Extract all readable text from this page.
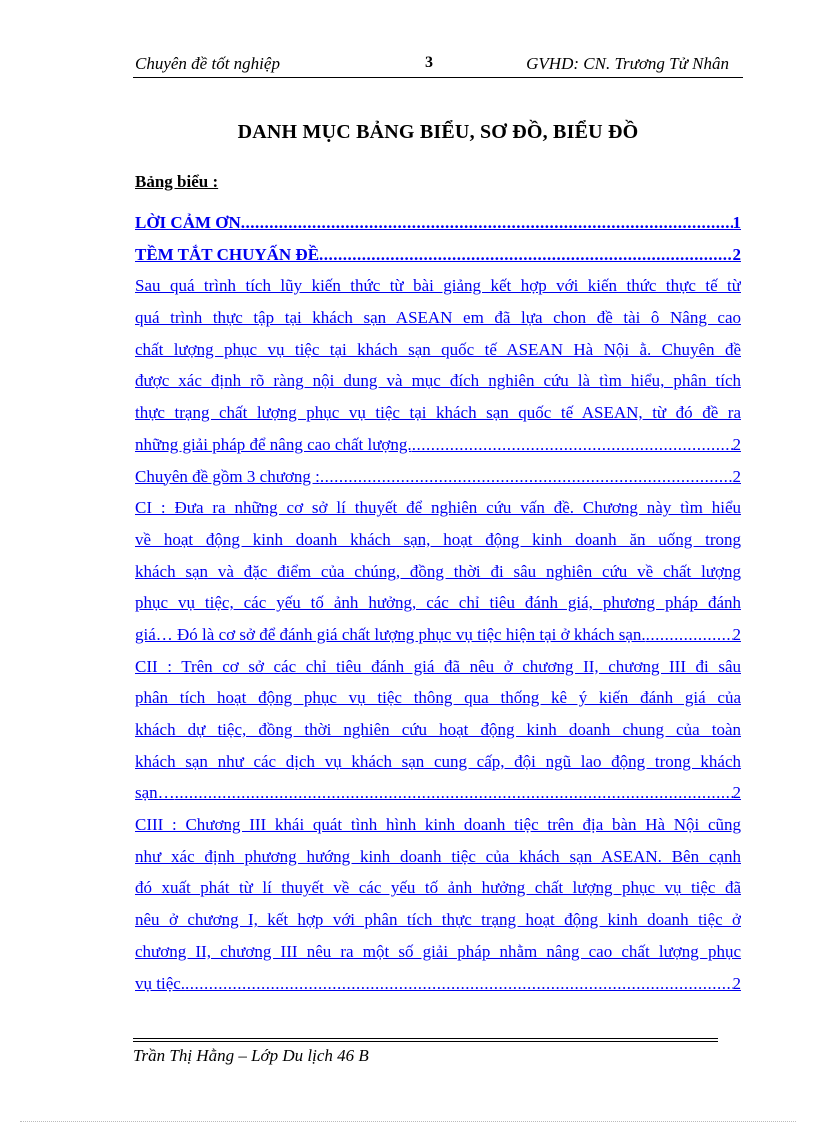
Chuyên đề tốt nghiệp	3	GVHD: CN. Trương Tử Nhân
DANH MỤC BẢNG BIỂU, SƠ ĐỒ, BIỂU ĐỒ
Bảng biểu :
LỜI CẢM ƠN .....	1
TỀM TẮT CHUYẤN ĐỀ .....	2
Sau quá trình tích lũy kiến thức từ bài giảng kết hợp với kiến thức thực tế từ
quá trình thực tập tại khách sạn ASEAN em đã lựa chon đề tài ô Nâng cao
chất lượng phục vụ tiệc tại khách sạn quốc tế ASEAN Hà Nội ằ. Chuyên đề
được xác định rõ ràng nội dung và mục đích nghiên cứu là tìm hiểu, phân tích
thực trạng chất lượng phục vụ tiệc tại khách sạn quốc tế ASEAN, từ đó đề ra
những giải pháp để nâng cao chất lượng. .....	2
Chuyên đề gồm 3 chương : .....	2
CI : Đưa ra những cơ sở lí thuyết để nghiên cứu vấn đề. Chương này tìm hiểu
về hoạt động kinh doanh khách sạn, hoạt động kinh doanh ăn uống trong
khách sạn và đặc điểm của chúng, đồng thời đi sâu nghiên cứu về chất lượng
phục vụ tiệc, các yếu tố ảnh hưởng, các chỉ tiêu đánh giá, phương pháp đánh
giá… Đó là cơ sở để đánh giá chất lượng phục vụ tiệc hiện tại ở khách sạn. .....	2
CII : Trên cơ sở các chỉ tiêu đánh giá đã nêu ở chương II, chương III đi sâu
phân tích hoạt động phục vụ tiệc thông qua thống kê ý kiến đánh giá của
khách dự tiệc, đồng thời nghiên cứu hoạt động kinh doanh chung của toàn
khách sạn như các dịch vụ khách sạn cung cấp, đội ngũ lao động trong khách
sạn… .....	2
CIII : Chương III khái quát tình hình kinh doanh tiệc trên địa bàn Hà Nội cũng
như xác định phương hướng kinh doanh tiệc của khách sạn ASEAN. Bên cạnh
đó xuất phát từ lí thuyết về các yếu tố ảnh hưởng chất lượng phục vụ tiệc đã
nêu ở chương I, kết hợp với phân tích thực trạng hoạt động kinh doanh tiệc ở
chương II, chương III nêu ra một số giải pháp nhằm nâng cao chất lượng phục
vụ tiệc. .....	2
Trần Thị Hằng – Lớp Du lịch 46 B
